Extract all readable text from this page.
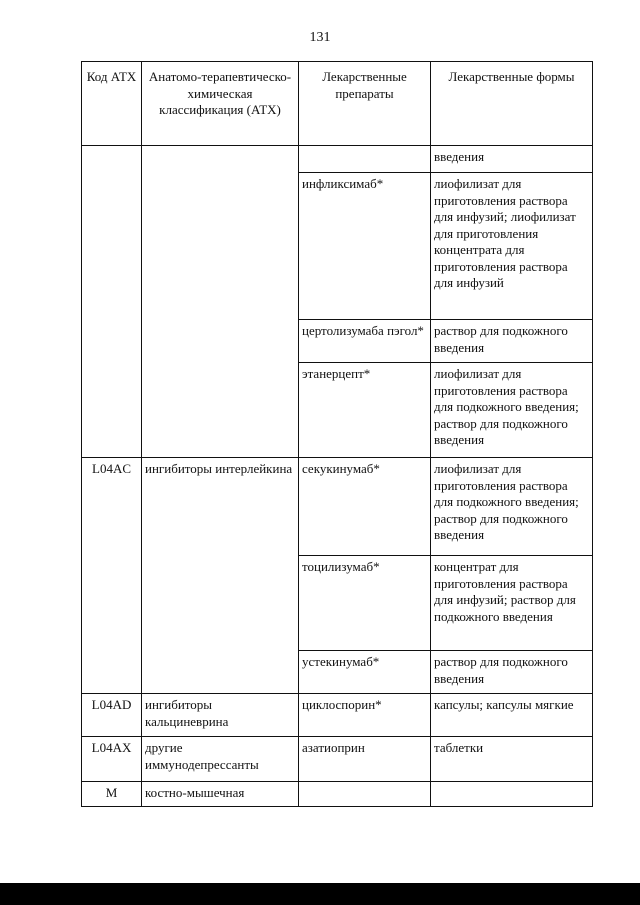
131
Код АТХ	Анатомо-терапевтическо-химическая классификация (АТХ)	Лекарственные препараты	Лекарственные формы
			введения
		инфликсимаб*	лиофилизат для приготовления раствора для инфузий; лиофилизат для приготовления концентрата для приготовления раствора для инфузий
		цертолизумаба пэгол*	раствор для подкожного введения
		этанерцепт*	лиофилизат для приготовления раствора для подкожного введения; раствор для подкожного введения
L04AC	ингибиторы интерлейкина	секукинумаб*	лиофилизат для приготовления раствора для подкожного введения; раствор для подкожного введения
		тоцилизумаб*	концентрат для приготовления раствора для инфузий; раствор для подкожного введения
		устекинумаб*	раствор для подкожного введения
L04AD	ингибиторы кальциневрина	циклоспорин*	капсулы; капсулы мягкие
L04AX	другие иммунодепрессанты	азатиоприн	таблетки
M	костно-мышечная		
